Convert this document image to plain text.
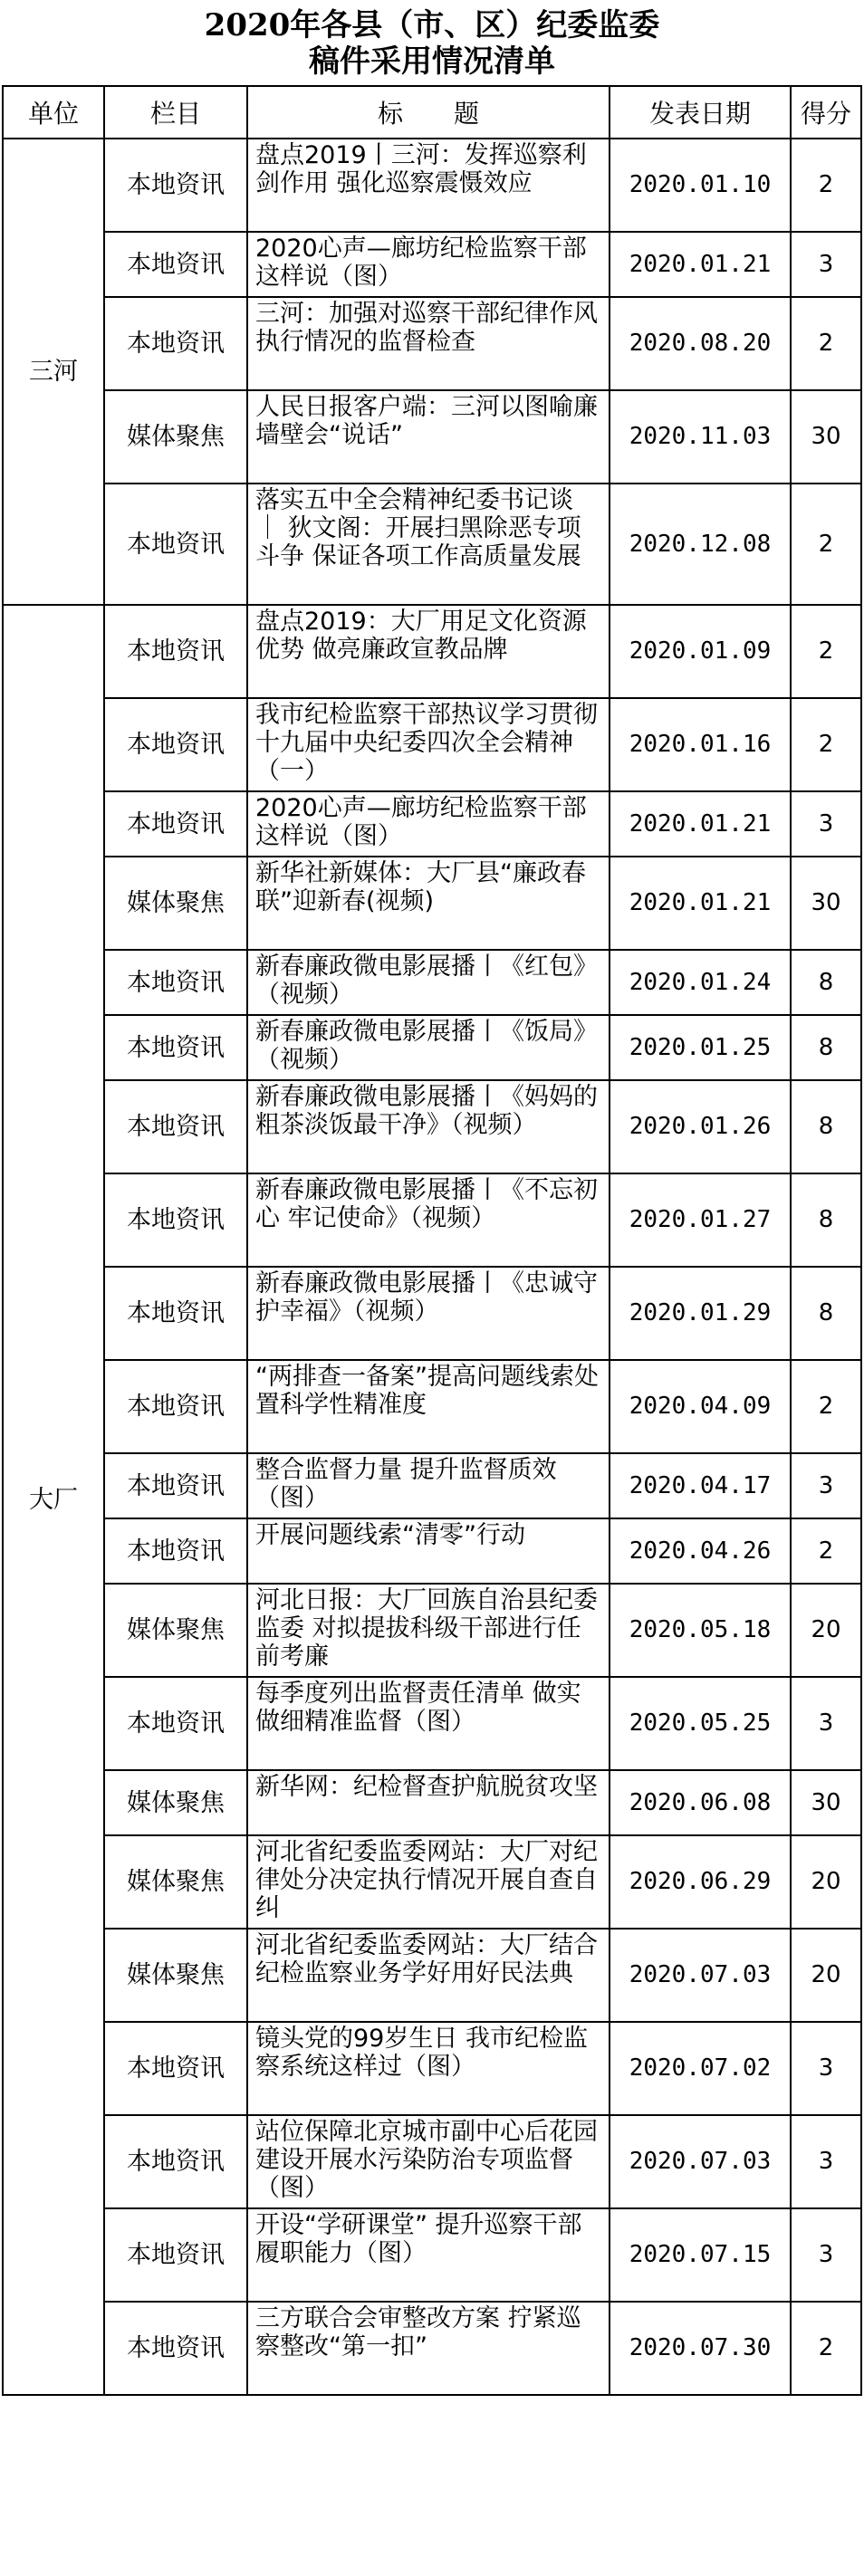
2020年各县（市、区）纪委监委
稿件采用情况清单
单位	栏目	标　　题	发表日期	得分
三河	本地资讯	盘点2019丨三河：发挥巡察利剑作用 强化巡察震慑效应	2020.01.10	2
	本地资讯	2020心声—廊坊纪检监察干部这样说（图）	2020.01.21	3
	本地资讯	三河：加强对巡察干部纪律作风执行情况的监督检查	2020.08.20	2
	媒体聚焦	人民日报客户端：三河以图喻廉 墙壁会“说话”	2020.11.03	30
	本地资讯	落实五中全会精神纪委书记谈 ｜ 狄文阁：开展扫黑除恶专项斗争 保证各项工作高质量发展	2020.12.08	2
大厂	本地资讯	盘点2019：大厂用足文化资源优势 做亮廉政宣教品牌	2020.01.09	2
	本地资讯	我市纪检监察干部热议学习贯彻十九届中央纪委四次全会精神（一）	2020.01.16	2
	本地资讯	2020心声—廊坊纪检监察干部这样说（图）	2020.01.21	3
	媒体聚焦	新华社新媒体：大厂县“廉政春联”迎新春(视频)	2020.01.21	30
	本地资讯	新春廉政微电影展播丨《红包》（视频）	2020.01.24	8
	本地资讯	新春廉政微电影展播丨《饭局》（视频）	2020.01.25	8
	本地资讯	新春廉政微电影展播丨《妈妈的粗茶淡饭最干净》（视频）	2020.01.26	8
	本地资讯	新春廉政微电影展播丨《不忘初心 牢记使命》（视频）	2020.01.27	8
	本地资讯	新春廉政微电影展播丨《忠诚守护幸福》（视频）	2020.01.29	8
	本地资讯	“两排查一备案”提高问题线索处置科学性精准度	2020.04.09	2
	本地资讯	整合监督力量 提升监督质效（图）	2020.04.17	3
	本地资讯	开展问题线索“清零”行动	2020.04.26	2
	媒体聚焦	河北日报：大厂回族自治县纪委监委 对拟提拔科级干部进行任前考廉	2020.05.18	20
	本地资讯	每季度列出监督责任清单 做实做细精准监督（图）	2020.05.25	3
	媒体聚焦	新华网：纪检督查护航脱贫攻坚	2020.06.08	30
	媒体聚焦	河北省纪委监委网站：大厂对纪律处分决定执行情况开展自查自纠	2020.06.29	20
	媒体聚焦	河北省纪委监委网站：大厂结合纪检监察业务学好用好民法典	2020.07.03	20
	本地资讯	镜头党的99岁生日 我市纪检监察系统这样过（图）	2020.07.02	3
	本地资讯	站位保障北京城市副中心后花园建设开展水污染防治专项监督（图）	2020.07.03	3
	本地资讯	开设“学研课堂” 提升巡察干部履职能力（图）	2020.07.15	3
	本地资讯	三方联合会审整改方案 拧紧巡察整改“第一扣”	2020.07.30	2
